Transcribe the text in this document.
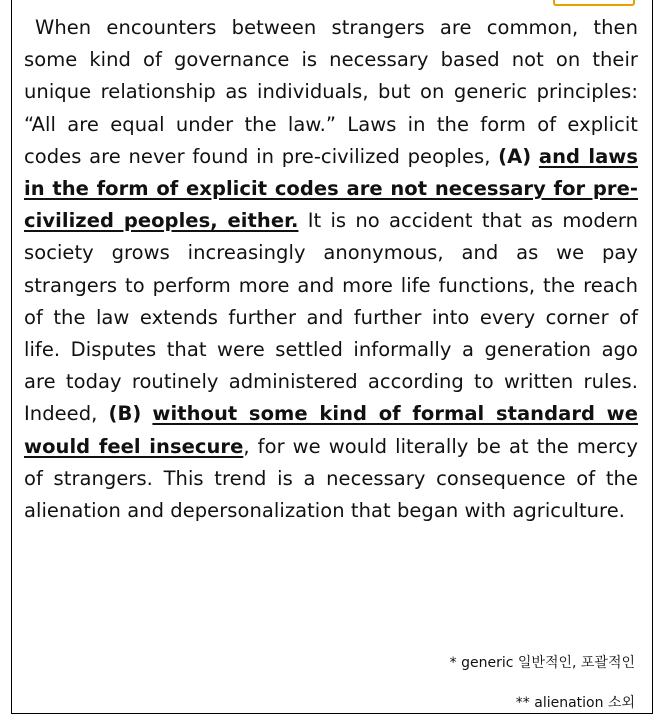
When encounters between strangers are common, then some kind of governance is necessary based not on their unique relationship as individuals, but on generic principles: “All are equal under the law.” Laws in the form of explicit codes are never found in pre-civilized peoples, (A) and laws in the form of explicit codes are not necessary for pre-civilized peoples, either. It is no accident that as modern society grows increasingly anonymous, and as we pay strangers to perform more and more life functions, the reach of the law extends further and further into every corner of life. Disputes that were settled informally a generation ago are today routinely administered according to written rules. Indeed, (B) without some kind of formal standard we would feel insecure, for we would literally be at the mercy of strangers. This trend is a necessary consequence of the alienation and depersonalization that began with agriculture.

* generic 일반적인, 포괄적인
** alienation 소외
